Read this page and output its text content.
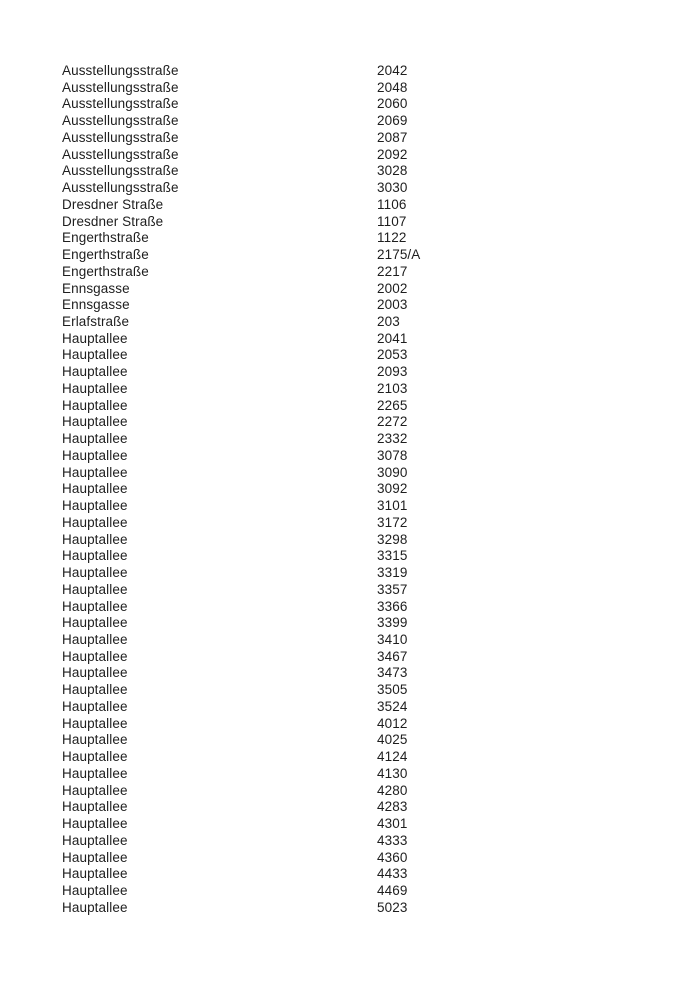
Ausstellungsstraße	2042
Ausstellungsstraße	2048
Ausstellungsstraße	2060
Ausstellungsstraße	2069
Ausstellungsstraße	2087
Ausstellungsstraße	2092
Ausstellungsstraße	3028
Ausstellungsstraße	3030
Dresdner Straße	1106
Dresdner Straße	1107
Engerthstraße	1122
Engerthstraße	2175/A
Engerthstraße	2217
Ennsgasse	2002
Ennsgasse	2003
Erlafstraße	203
Hauptallee	2041
Hauptallee	2053
Hauptallee	2093
Hauptallee	2103
Hauptallee	2265
Hauptallee	2272
Hauptallee	2332
Hauptallee	3078
Hauptallee	3090
Hauptallee	3092
Hauptallee	3101
Hauptallee	3172
Hauptallee	3298
Hauptallee	3315
Hauptallee	3319
Hauptallee	3357
Hauptallee	3366
Hauptallee	3399
Hauptallee	3410
Hauptallee	3467
Hauptallee	3473
Hauptallee	3505
Hauptallee	3524
Hauptallee	4012
Hauptallee	4025
Hauptallee	4124
Hauptallee	4130
Hauptallee	4280
Hauptallee	4283
Hauptallee	4301
Hauptallee	4333
Hauptallee	4360
Hauptallee	4433
Hauptallee	4469
Hauptallee	5023
